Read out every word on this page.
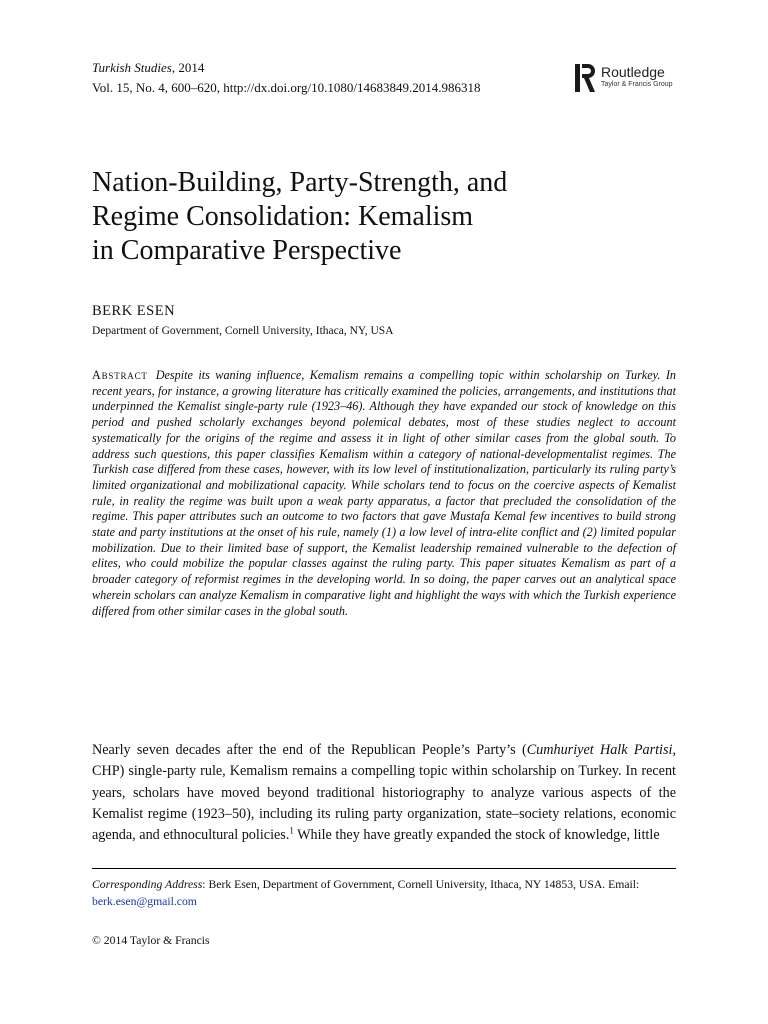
Turkish Studies, 2014
Vol. 15, No. 4, 600–620, http://dx.doi.org/10.1080/14683849.2014.986318
Routledge
Taylor & Francis Group
Nation-Building, Party-Strength, and
Regime Consolidation: Kemalism
in Comparative Perspective
BERK ESEN
Department of Government, Cornell University, Ithaca, NY, USA

Abstract Despite its waning influence, Kemalism remains a compelling topic within scholarship on Turkey. In recent years, for instance, a growing literature has critically examined the policies, arrangements, and institutions that underpinned the Kemalist single-party rule (1923–46). Although they have expanded our stock of knowledge on this period and pushed scholarly exchanges beyond polemical debates, most of these studies neglect to account systematically for the origins of the regime and assess it in light of other similar cases from the global south. To address such questions, this paper classifies Kemalism within a category of national-developmentalist regimes. The Turkish case differed from these cases, however, with its low level of institutionalization, particularly its ruling party’s limited organizational and mobilizational capacity. While scholars tend to focus on the coercive aspects of Kemalist rule, in reality the regime was built upon a weak party apparatus, a factor that precluded the consolidation of the regime. This paper attributes such an outcome to two factors that gave Mustafa Kemal few incentives to build strong state and party institutions at the onset of his rule, namely (1) a low level of intra-elite conflict and (2) limited popular mobilization. Due to their limited base of support, the Kemalist leadership remained vulnerable to the defection of elites, who could mobilize the popular classes against the ruling party. This paper situates Kemalism as part of a broader category of reformist regimes in the developing world. In so doing, the paper carves out an analytical space wherein scholars can analyze Kemalism in comparative light and highlight the ways with which the Turkish experience differed from other similar cases in the global south.

Nearly seven decades after the end of the Republican People’s Party’s (Cumhuriyet Halk Partisi, CHP) single-party rule, Kemalism remains a compelling topic within scholarship on Turkey. In recent years, scholars have moved beyond traditional historiography to analyze various aspects of the Kemalist regime (1923–50), including its ruling party organization, state–society relations, economic agenda, and ethnocultural policies.$^1$ While they have greatly expanded the stock of knowledge, little

Corresponding Address: Berk Esen, Department of Government, Cornell University, Ithaca, NY 14853, USA. Email: berk.esen@gmail.com

© 2014 Taylor & Francis
